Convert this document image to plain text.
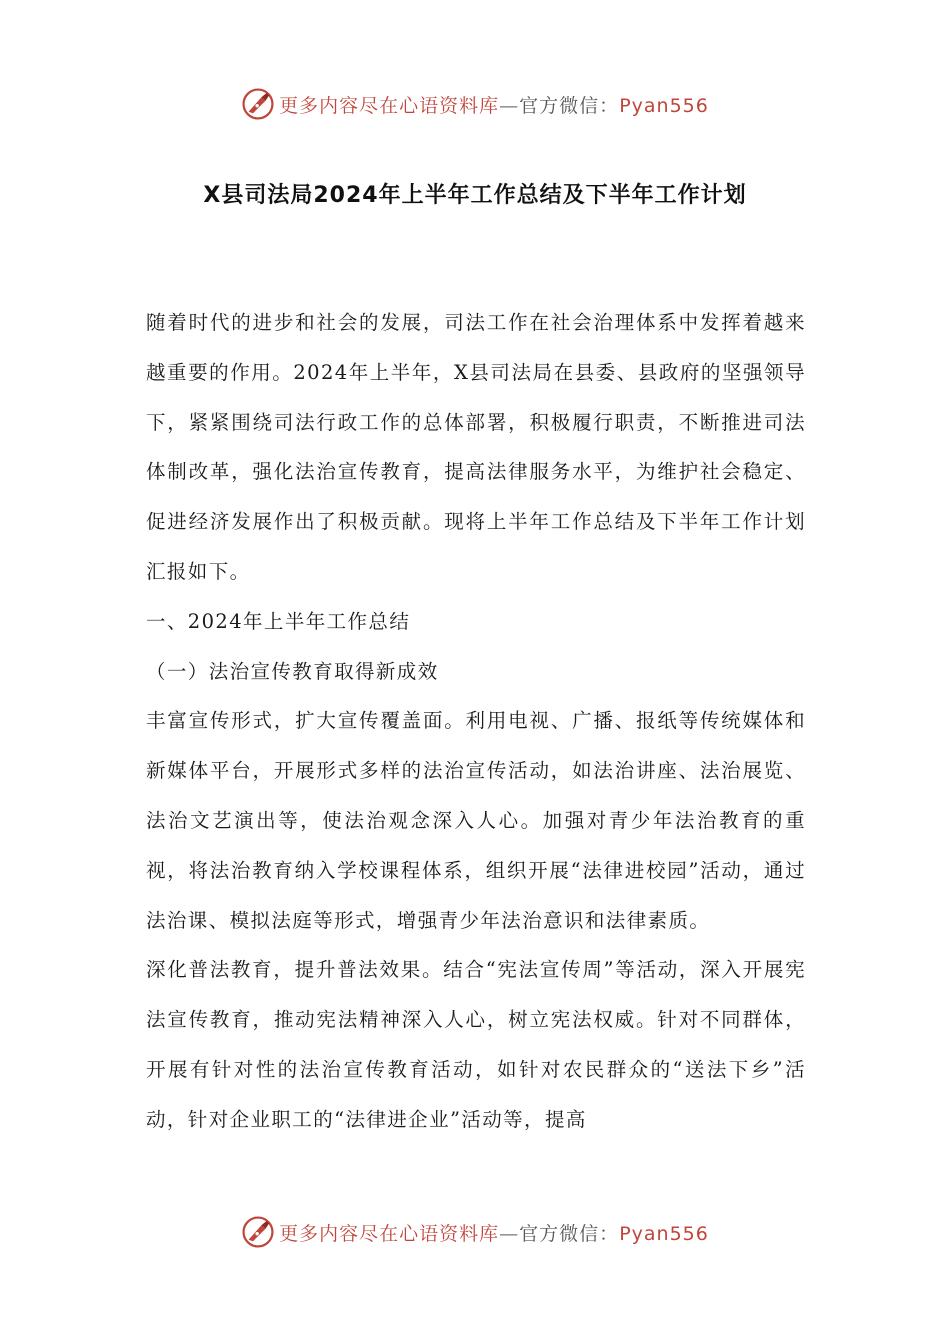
更多内容尽在心语资料库—官方微信：Pyan556
X县司法局2024年上半年工作总结及下半年工作计划

随着时代的进步和社会的发展，司法工作在社会治理体系中发挥着越来越重要的作用。2024年上半年，X县司法局在县委、县政府的坚强领导下，紧紧围绕司法行政工作的总体部署，积极履行职责，不断推进司法体制改革，强化法治宣传教育，提高法律服务水平，为维护社会稳定、促进经济发展作出了积极贡献。现将上半年工作总结及下半年工作计划汇报如下。

一、2024年上半年工作总结

（一）法治宣传教育取得新成效

丰富宣传形式，扩大宣传覆盖面。利用电视、广播、报纸等传统媒体和新媒体平台，开展形式多样的法治宣传活动，如法治讲座、法治展览、法治文艺演出等，使法治观念深入人心。加强对青少年法治教育的重视，将法治教育纳入学校课程体系，组织开展“法律进校园”活动，通过法治课、模拟法庭等形式，增强青少年法治意识和法律素质。

深化普法教育，提升普法效果。结合“宪法宣传周”等活动，深入开展宪法宣传教育，推动宪法精神深入人心，树立宪法权威。针对不同群体，开展有针对性的法治宣传教育活动，如针对农民群众的“送法下乡”活动，针对企业职工的“法律进企业”活动等，提高

更多内容尽在心语资料库—官方微信：Pyan556
